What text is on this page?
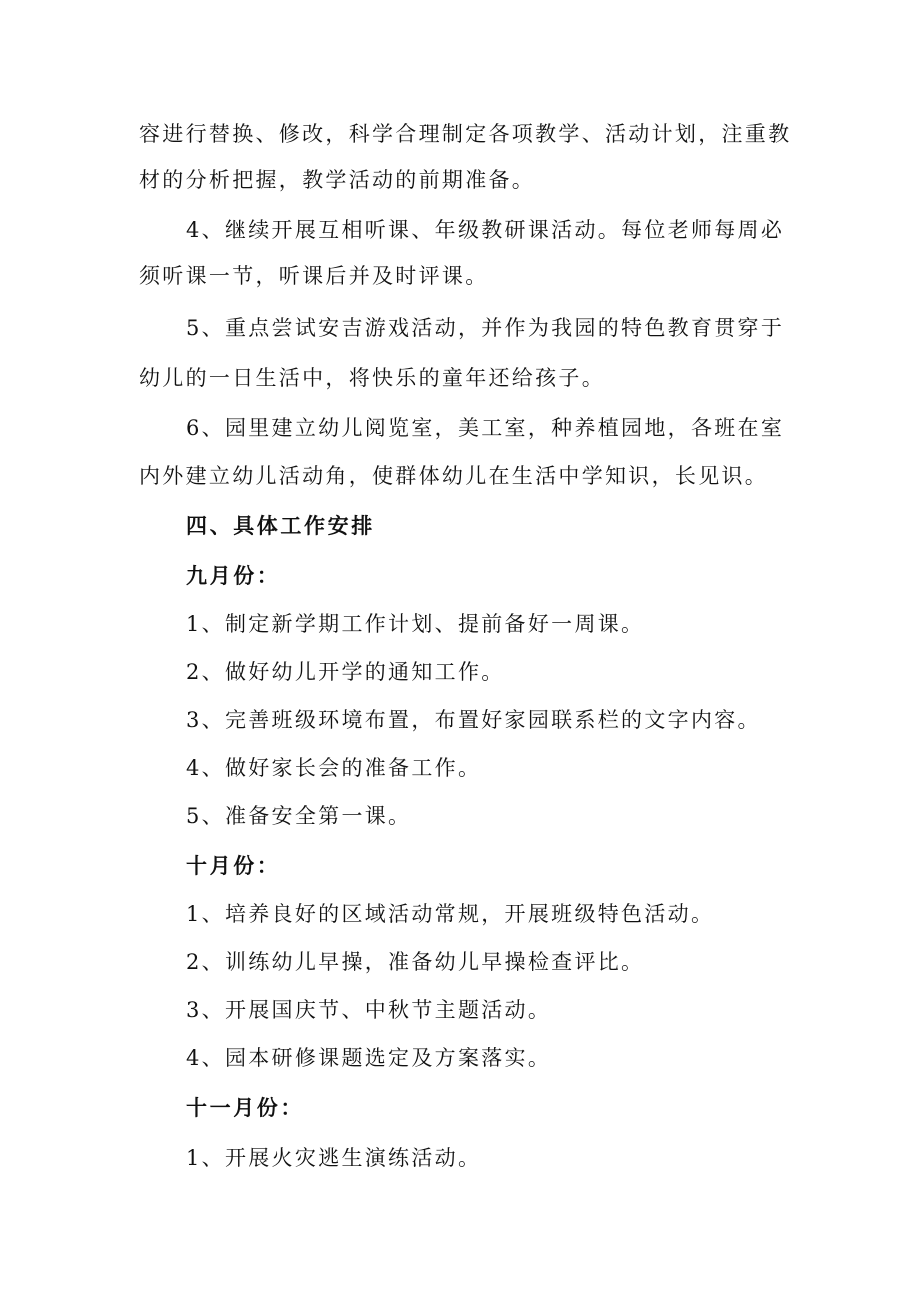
容进行替换、修改，科学合理制定各项教学、活动计划，注重教
材的分析把握，教学活动的前期准备。
4、继续开展互相听课、年级教研课活动。每位老师每周必
须听课一节，听课后并及时评课。
5、重点尝试安吉游戏活动，并作为我园的特色教育贯穿于
幼儿的一日生活中，将快乐的童年还给孩子。
6、园里建立幼儿阅览室，美工室，种养植园地，各班在室
内外建立幼儿活动角，使群体幼儿在生活中学知识，长见识。
四、具体工作安排
九月份：
1、制定新学期工作计划、提前备好一周课。
2、做好幼儿开学的通知工作。
3、完善班级环境布置，布置好家园联系栏的文字内容。
4、做好家长会的准备工作。
5、准备安全第一课。
十月份：
1、培养良好的区域活动常规，开展班级特色活动。
2、训练幼儿早操，准备幼儿早操检查评比。
3、开展国庆节、中秋节主题活动。
4、园本研修课题选定及方案落实。
十一月份：
1、开展火灾逃生演练活动。
